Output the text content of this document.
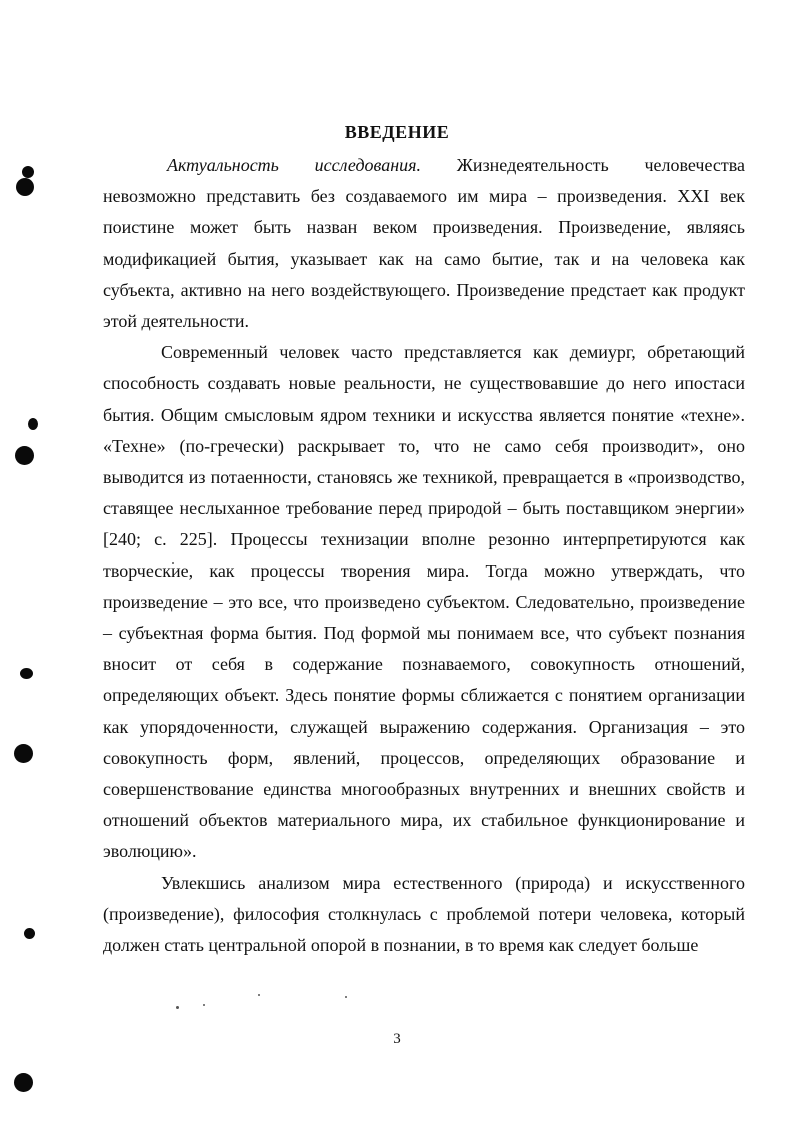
ВВЕДЕНИЕ

Актуальность исследования. Жизнедеятельность человечества невозможно представить без создаваемого им мира – произведения. XXI век поистине может быть назван веком произведения. Произведение, являясь модификацией бытия, указывает как на само бытие, так и на человека как субъекта, активно на него воздействующего. Произведение предстает как продукт этой деятельности.

Современный человек часто представляется как демиург, обретающий способность создавать новые реальности, не существовавшие до него ипостаси бытия. Общим смысловым ядром техники и искусства является понятие «техне». «Техне» (по-гречески) раскрывает то, что не само себя производит», оно выводится из потаенности, становясь же техникой, превращается в «производство, ставящее неслыханное требование перед природой – быть поставщиком энергии» [240; с. 225]. Процессы технизации вполне резонно интерпретируются как творческие, как процессы творения мира. Тогда можно утверждать, что произведение – это все, что произведено субъектом. Следовательно, произведение – субъектная форма бытия. Под формой мы понимаем все, что субъект познания вносит от себя в содержание познаваемого, совокупность отношений, определяющих объект. Здесь понятие формы сближается с понятием организации как упорядоченности, служащей выражению содержания. Организация – это совокупность форм, явлений, процессов, определяющих образование и совершенствование единства многообразных внутренних и внешних свойств и отношений объектов материального мира, их стабильное функционирование и эволюцию».

Увлекшись анализом мира естественного (природа) и искусственного (произведение), философия столкнулась с проблемой потери человека, который должен стать центральной опорой в познании, в то время как следует больше

3
